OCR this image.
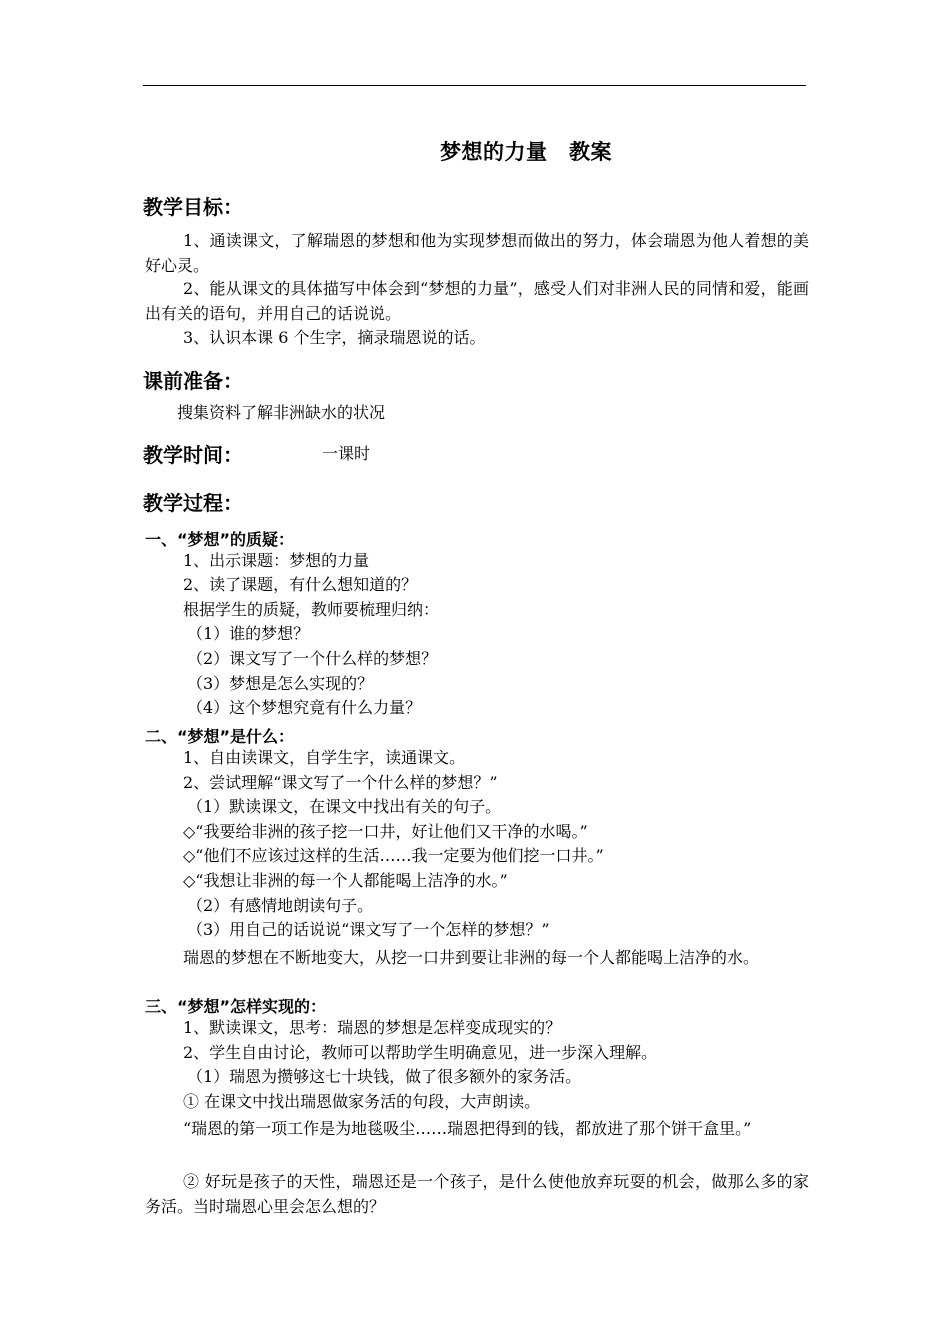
梦想的力量　教案
教学目标：
1、通读课文，了解瑞恩的梦想和他为实现梦想而做出的努力，体会瑞恩为他人着想的美好心灵。
2、能从课文的具体描写中体会到“梦想的力量”，感受人们对非洲人民的同情和爱，能画出有关的语句，并用自己的话说说。
3、认识本课 6 个生字，摘录瑞恩说的话。
课前准备：
搜集资料了解非洲缺水的状况
教学时间：	一课时
教学过程：
一、“梦想”的质疑：
1、出示课题：梦想的力量
2、读了课题，有什么想知道的？
根据学生的质疑，教师要梳理归纳：
（1）谁的梦想？
（2）课文写了一个什么样的梦想？
（3）梦想是怎么实现的？
（4）这个梦想究竟有什么力量？
二、“梦想”是什么：
1、自由读课文，自学生字，读通课文。
2、尝试理解“课文写了一个什么样的梦想？”
（1）默读课文，在课文中找出有关的句子。
◇“我要给非洲的孩子挖一口井，好让他们又干净的水喝。”
◇“他们不应该过这样的生活……我一定要为他们挖一口井。”
◇“我想让非洲的每一个人都能喝上洁净的水。”
（2）有感情地朗读句子。
（3）用自己的话说说“课文写了一个怎样的梦想？”
瑞恩的梦想在不断地变大，从挖一口井到要让非洲的每一个人都能喝上洁净的水。
三、“梦想”怎样实现的：
1、默读课文，思考：瑞恩的梦想是怎样变成现实的？
2、学生自由讨论，教师可以帮助学生明确意见，进一步深入理解。
（1）瑞恩为攒够这七十块钱，做了很多额外的家务活。
① 在课文中找出瑞恩做家务活的句段，大声朗读。
“瑞恩的第一项工作是为地毯吸尘……瑞恩把得到的钱，都放进了那个饼干盒里。”
② 好玩是孩子的天性，瑞恩还是一个孩子，是什么使他放弃玩耍的机会，做那么多的家务活。当时瑞恩心里会怎么想的？
